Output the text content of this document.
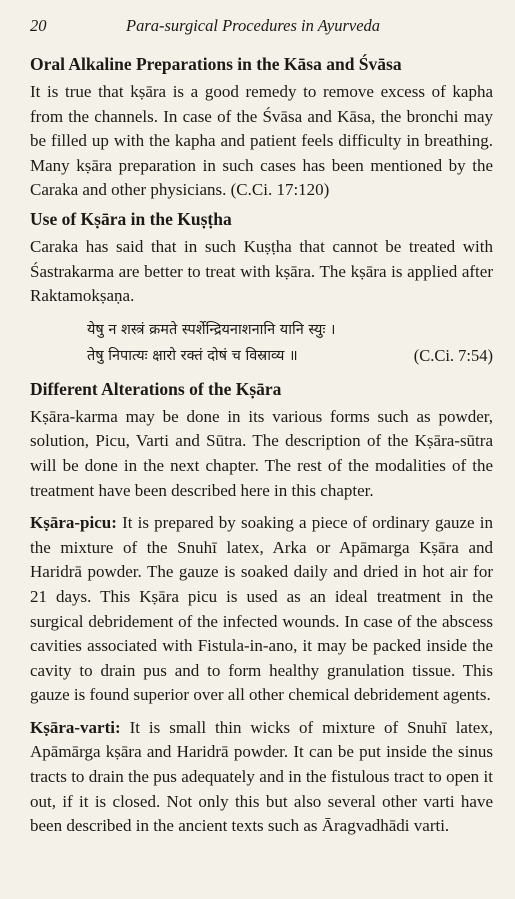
20	Para-surgical Procedures in Ayurveda
Oral Alkaline Preparations in the Kāsa and Śvāsa

It is true that kṣāra is a good remedy to remove excess of kapha from the channels. In case of the Śvāsa and Kāsa, the bronchi may be filled up with the kapha and patient feels difficulty in breathing. Many kṣāra preparation in such cases has been mentioned by the Caraka and other physicians. (C.Ci. 17:120)

Use of Kṣāra in the Kuṣṭha

Caraka has said that in such Kuṣṭha that cannot be treated with Śastrakarma are better to treat with kṣāra. The kṣāra is applied after Raktamokṣaṇa.

येषु न शस्त्रं क्रमते स्पर्शेन्द्रियनाशनानि यानि स्युः ।
तेषु निपात्यः क्षारो रक्तं दोषं च विस्राव्य ॥	(C.Ci. 7:54)
Different Alterations of the Kṣāra

Kṣāra-karma may be done in its various forms such as powder, solution, Picu, Varti and Sūtra. The description of the Kṣāra-sūtra will be done in the next chapter. The rest of the modalities of the treatment have been described here in this chapter.

Kṣāra-picu: It is prepared by soaking a piece of ordinary gauze in the mixture of the Snuhī latex, Arka or Apāmarga Kṣāra and Haridrā powder. The gauze is soaked daily and dried in hot air for 21 days. This Kṣāra picu is used as an ideal treatment in the surgical debridement of the infected wounds. In case of the abscess cavities associated with Fistula-in-ano, it may be packed inside the cavity to drain pus and to form healthy granulation tissue. This gauze is found superior over all other chemical debridement agents.

Kṣāra-varti: It is small thin wicks of mixture of Snuhī latex, Apāmārga kṣāra and Haridrā powder. It can be put inside the sinus tracts to drain the pus adequately and in the fistulous tract to open it out, if it is closed. Not only this but also several other varti have been described in the ancient texts such as Āragvadhādi varti.
